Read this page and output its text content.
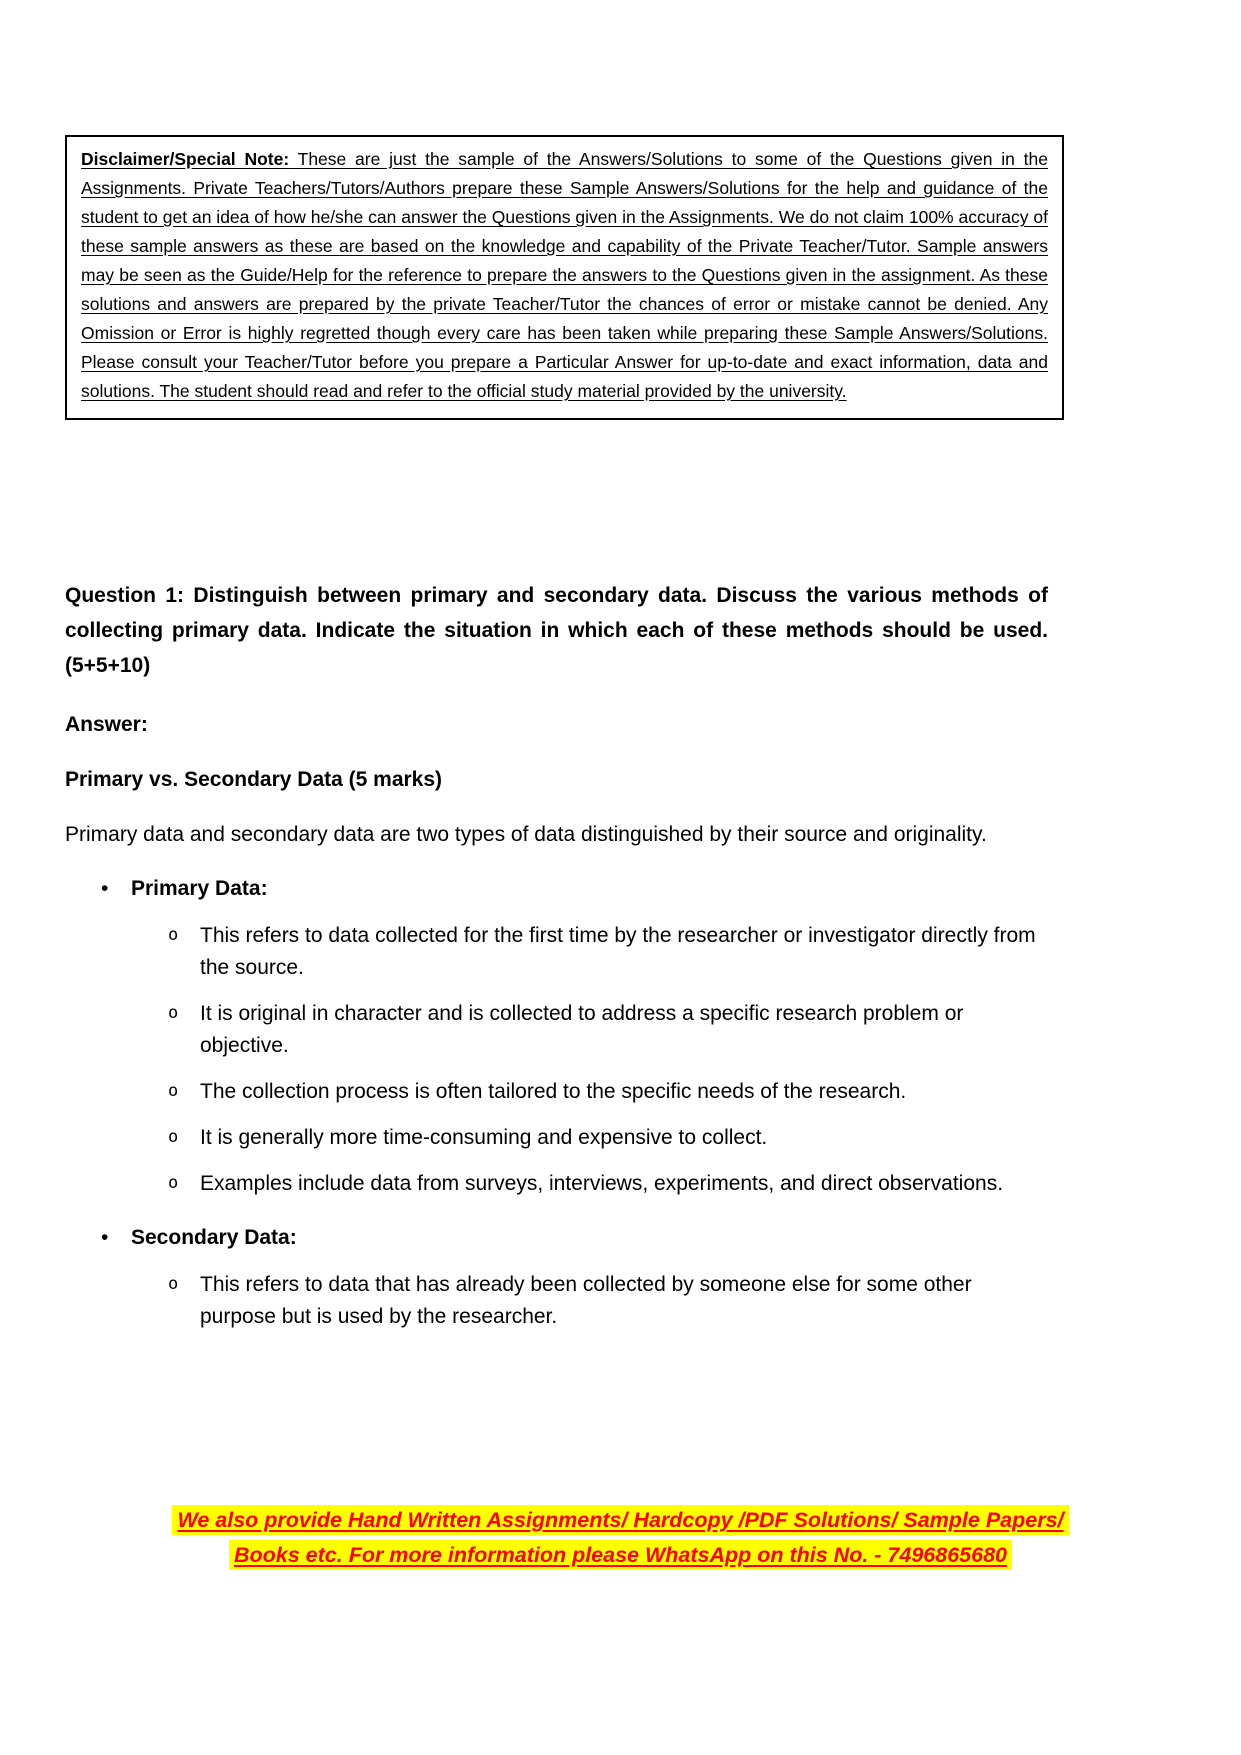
Disclaimer/Special Note: These are just the sample of the Answers/Solutions to some of the Questions given in the Assignments. Private Teachers/Tutors/Authors prepare these Sample Answers/Solutions for the help and guidance of the student to get an idea of how he/she can answer the Questions given in the Assignments. We do not claim 100% accuracy of these sample answers as these are based on the knowledge and capability of the Private Teacher/Tutor. Sample answers may be seen as the Guide/Help for the reference to prepare the answers to the Questions given in the assignment. As these solutions and answers are prepared by the private Teacher/Tutor the chances of error or mistake cannot be denied. Any Omission or Error is highly regretted though every care has been taken while preparing these Sample Answers/Solutions. Please consult your Teacher/Tutor before you prepare a Particular Answer for up-to-date and exact information, data and solutions. The student should read and refer to the official study material provided by the university.

Question 1: Distinguish between primary and secondary data. Discuss the various methods of collecting primary data. Indicate the situation in which each of these methods should be used. (5+5+10)

Answer:

Primary vs. Secondary Data (5 marks)

Primary data and secondary data are two types of data distinguished by their source and originality.

•	Primary Data:
o	This refers to data collected for the first time by the researcher or investigator directly from the source.
o	It is original in character and is collected to address a specific research problem or objective.
o	The collection process is often tailored to the specific needs of the research.
o	It is generally more time-consuming and expensive to collect.
o	Examples include data from surveys, interviews, experiments, and direct observations.
•	Secondary Data:
o	This refers to data that has already been collected by someone else for some other purpose but is used by the researcher.
We also provide Hand Written Assignments/ Hardcopy /PDF Solutions/ Sample Papers/
Books etc. For more information please WhatsApp on this No. - 7496865680
